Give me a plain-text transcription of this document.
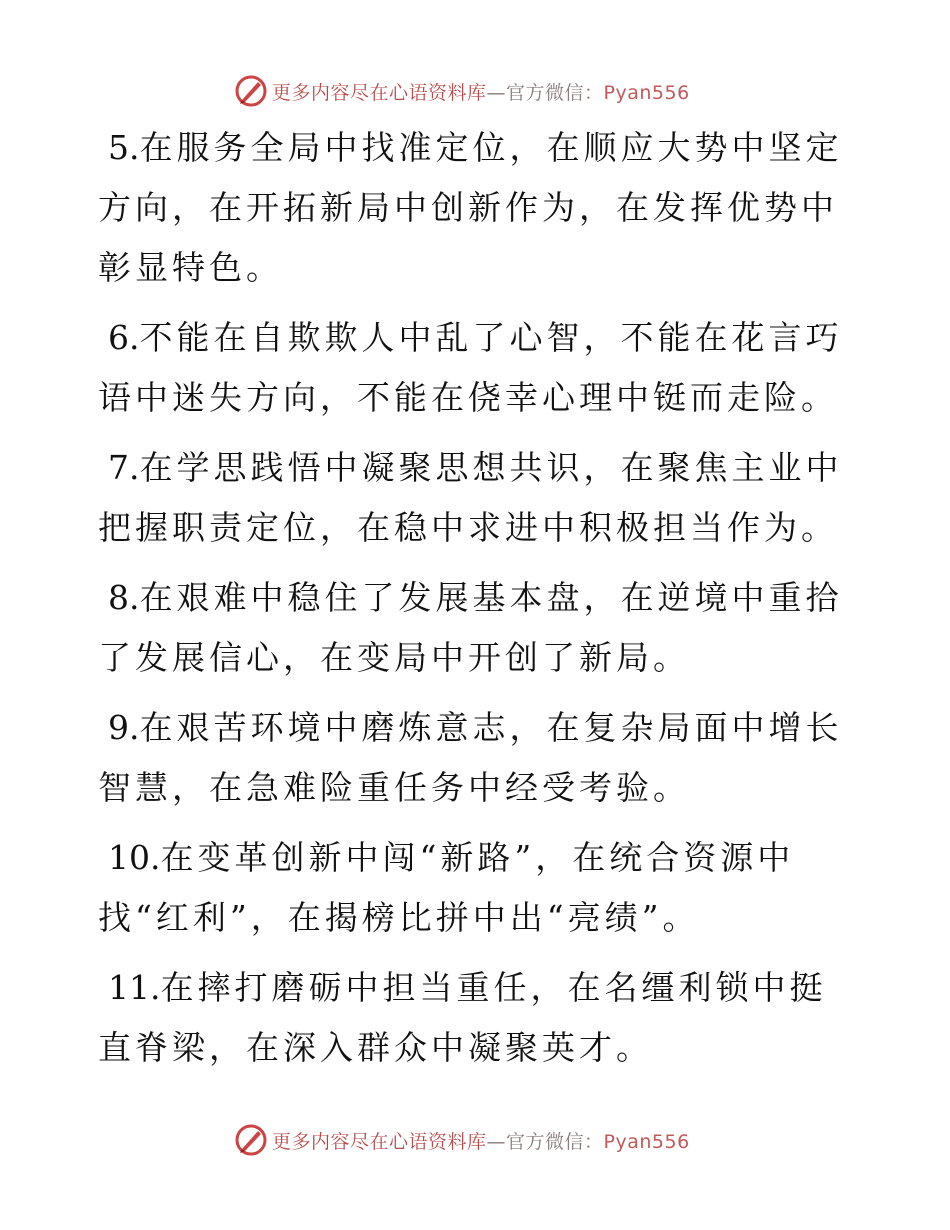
更多内容尽在心语资料库—官方微信：Pyan556
5.在服务全局中找准定位，在顺应大势中坚定方向，在开拓新局中创新作为，在发挥优势中彰显特色。
6.不能在自欺欺人中乱了心智，不能在花言巧语中迷失方向，不能在侥幸心理中铤而走险。
7.在学思践悟中凝聚思想共识，在聚焦主业中把握职责定位，在稳中求进中积极担当作为。
8.在艰难中稳住了发展基本盘，在逆境中重拾了发展信心，在变局中开创了新局。
9.在艰苦环境中磨炼意志，在复杂局面中增长智慧，在急难险重任务中经受考验。
10.在变革创新中闯“新路”，在统合资源中找“红利”，在揭榜比拼中出“亮绩”。
11.在摔打磨砺中担当重任，在名缰利锁中挺直脊梁，在深入群众中凝聚英才。
更多内容尽在心语资料库—官方微信：Pyan556
